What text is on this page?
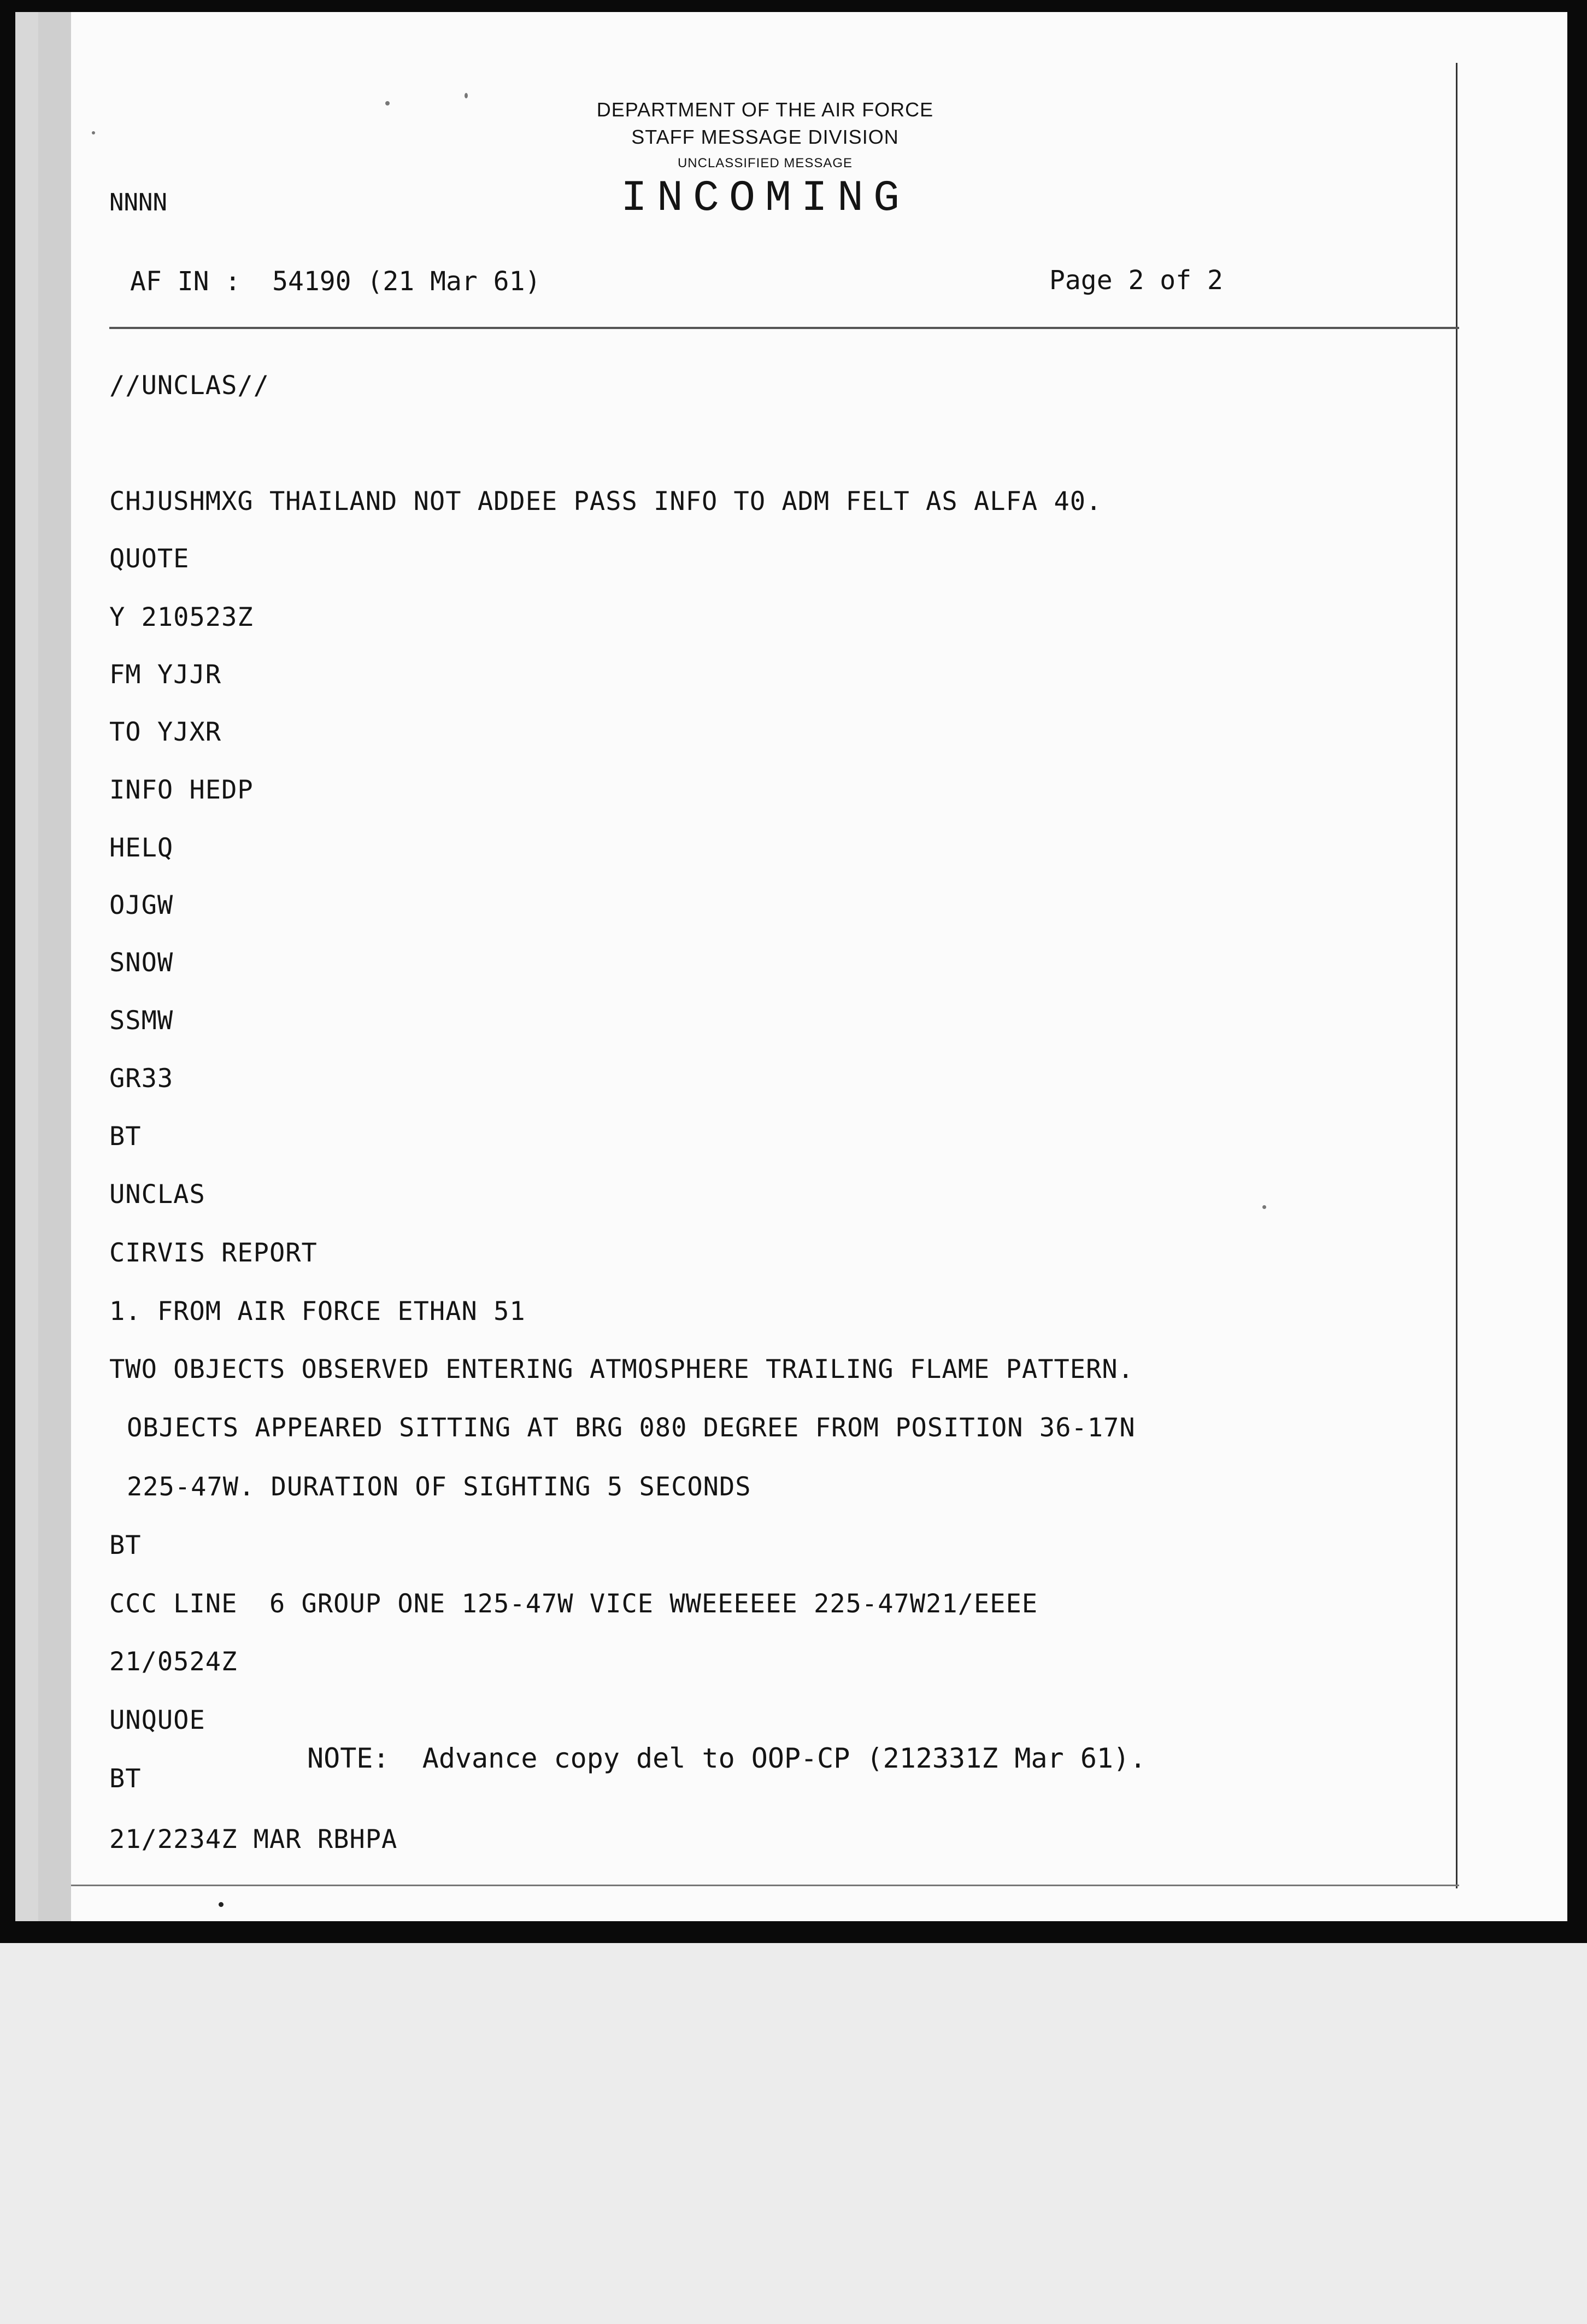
DEPARTMENT OF THE AIR FORCE
STAFF MESSAGE DIVISION
UNCLASSIFIED MESSAGE
INCOMING
NNNN
AF IN :  54190 (21 Mar 61)	Page 2 of 2
//UNCLAS//
CHJUSHMXG THAILAND NOT ADDEE PASS INFO TO ADM FELT AS ALFA 40.
QUOTE
Y 210523Z
FM YJJR
TO YJXR
INFO HEDP
HELQ
OJGW
SNOW
SSMW
GR33
BT
UNCLAS
CIRVIS REPORT
1. FROM AIR FORCE ETHAN 51
TWO OBJECTS OBSERVED ENTERING ATMOSPHERE TRAILING FLAME PATTERN.
OBJECTS APPEARED SITTING AT BRG 080 DEGREE FROM POSITION 36-17N
225-47W. DURATION OF SIGHTING 5 SECONDS
BT
CCC LINE  6 GROUP ONE 125-47W VICE WWEEEEEE 225-47W21/EEEE
21/0524Z
UNQUOE
BT
21/2234Z MAR RBHPA
NOTE:  Advance copy del to OOP-CP (212331Z Mar 61).
